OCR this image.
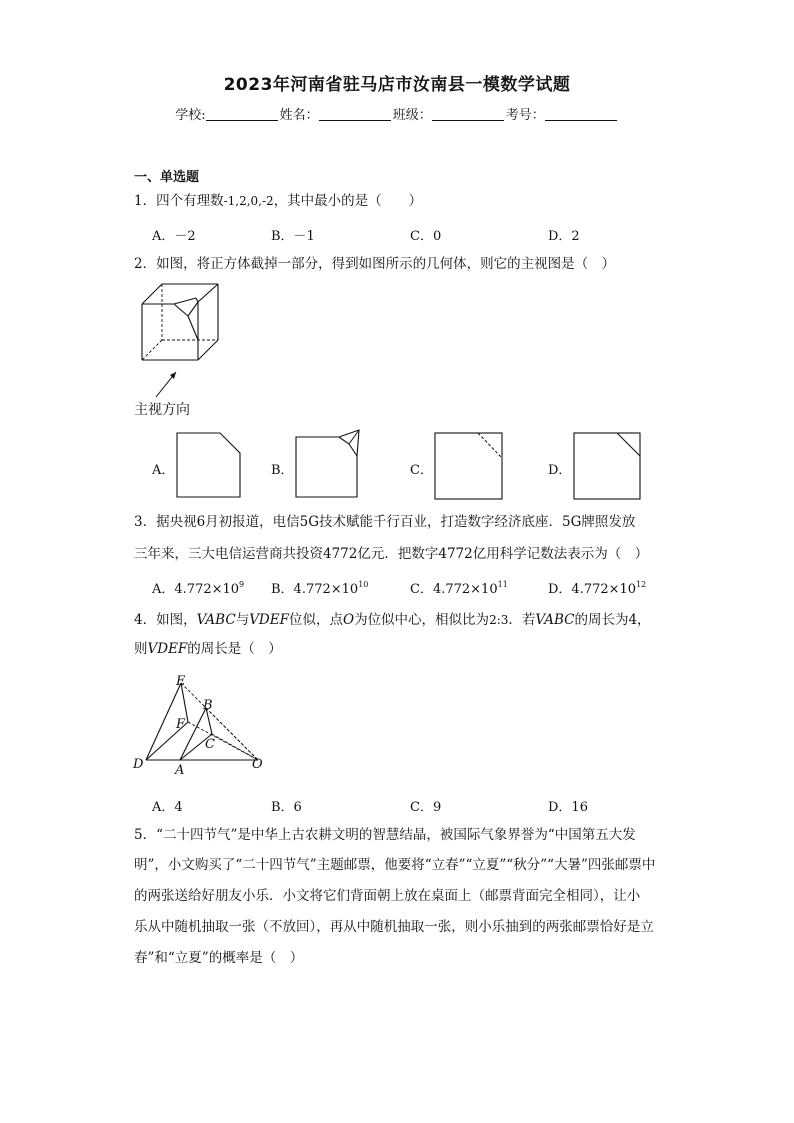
2023年河南省驻马店市汝南县一模数学试题
学校:	姓名：	班级：	考号：
一、单选题
1．四个有理数-1,2,0,-2，其中最小的是（　　）
A．－2	B．－1	C．0	D．2
2．如图，将正方体截掉一部分，得到如图所示的几何体，则它的主视图是（　）
主视方向
A．	B．	C．	D．
3．据央视6月初报道，电信5G技术赋能千行百业，打造数字经济底座．5G牌照发放
三年来，三大电信运营商共投资4772亿元．把数字4772亿用科学记数法表示为（　）
A．$4.772\times 10^9$ B．$4.772\times 10^{10}$	C．$4.772\times 10^{11}$	D．$4.772\times 10^{12}$
4．如图，VABC与VDEF位似，点O为位似中心，相似比为2:3．若VABC的周长为4，
则VDEF的周长是（　）
E
B
F
C
D A	O
A．4	B．6	C．9	D．16
5．“二十四节气”是中华上古农耕文明的智慧结晶，被国际气象界誉为“中国第五大发
明”，小文购买了“二十四节气”主题邮票，他要将“立春”“立夏”“秋分”“大暑”四张邮票中
的两张送给好朋友小乐．小文将它们背面朝上放在桌面上（邮票背面完全相同），让小
乐从中随机抽取一张（不放回），再从中随机抽取一张，则小乐抽到的两张邮票恰好是立
春”和“立夏”的概率是（　）
